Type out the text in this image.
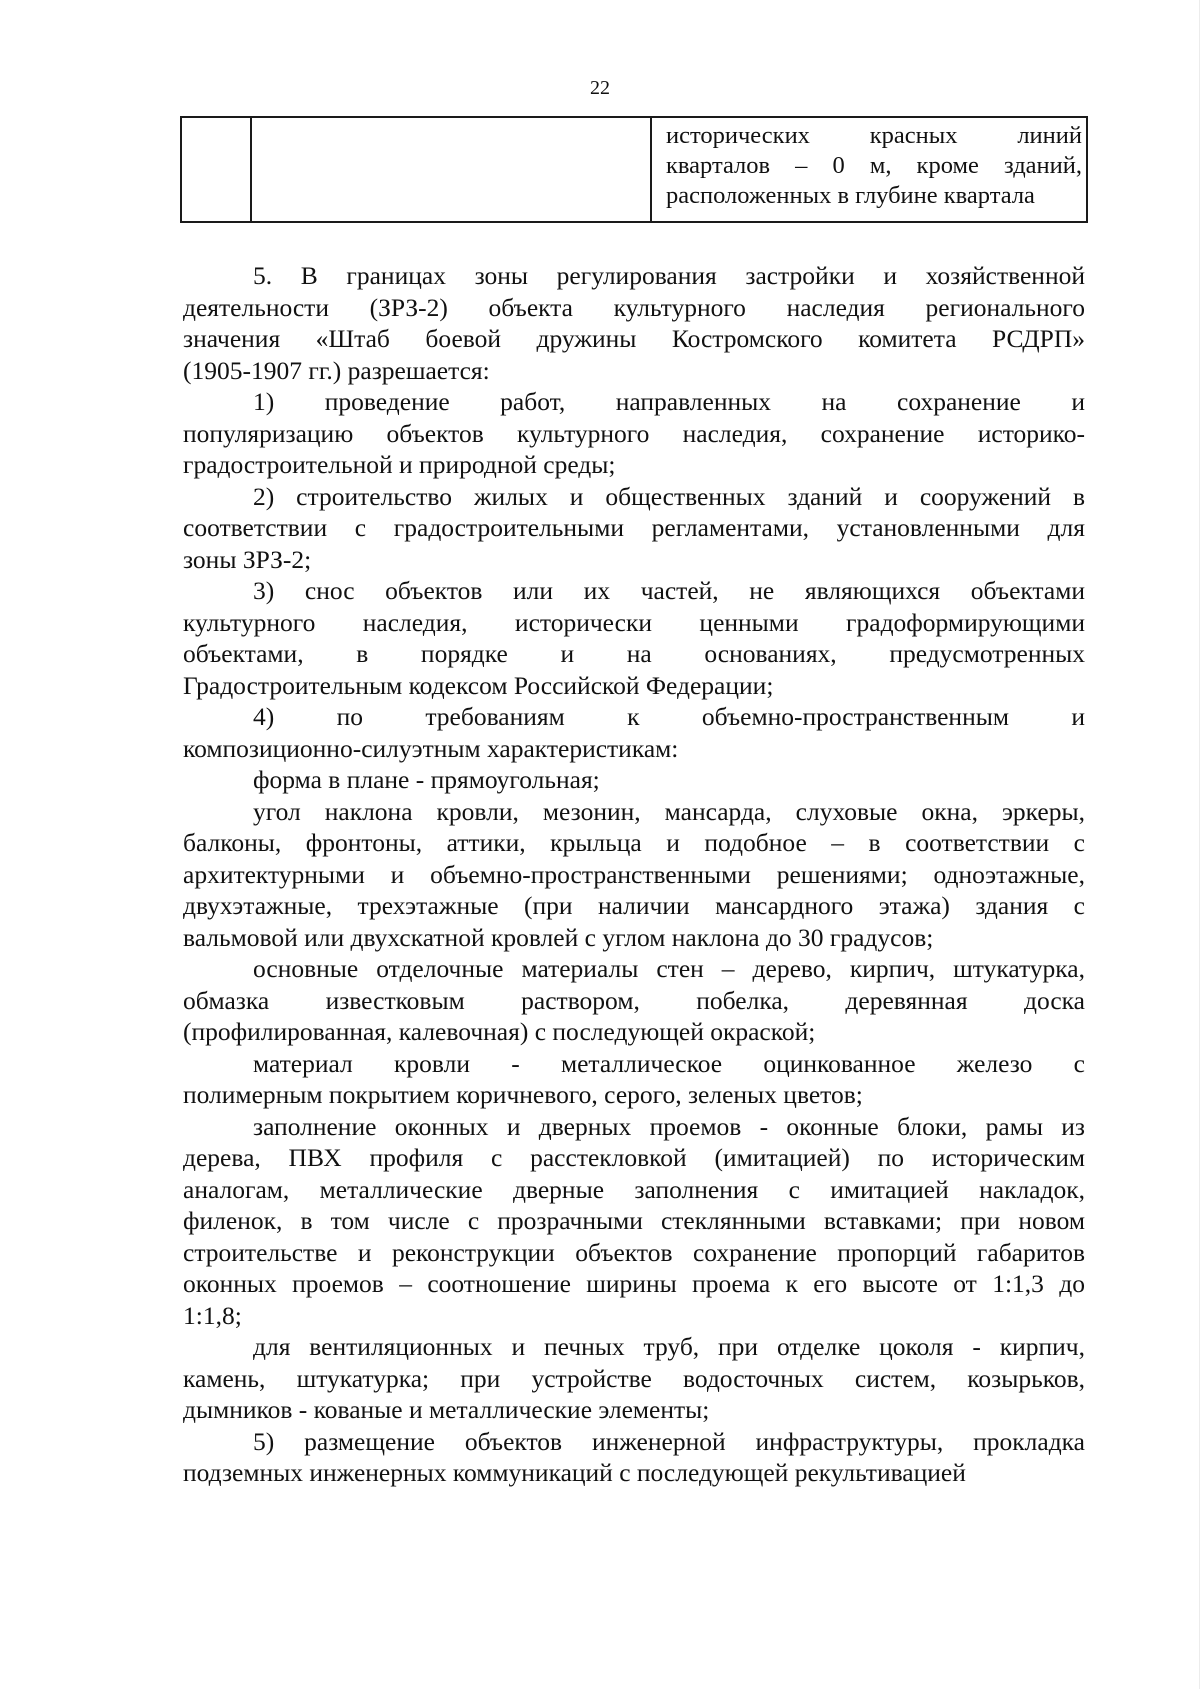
22

исторических красных линий
кварталов – 0 м, кроме зданий,
расположенных в глубине квартала
5. В границах зоны регулирования застройки и хозяйственной
деятельности (ЗРЗ-2) объекта культурного наследия регионального
значения «Штаб боевой дружины Костромского комитета РСДРП»
(1905-1907 гг.) разрешается:
1) проведение работ, направленных на сохранение и
популяризацию объектов культурного наследия, сохранение историко-
градостроительной и природной среды;
2) строительство жилых и общественных зданий и сооружений в
соответствии с градостроительными регламентами, установленными для
зоны ЗРЗ-2;
3) снос объектов или их частей, не являющихся объектами
культурного наследия, исторически ценными градоформирующими
объектами, в порядке и на основаниях, предусмотренных
Градостроительным кодексом Российской Федерации;
4) по требованиям к объемно-пространственным и
композиционно-силуэтным характеристикам:
форма в плане - прямоугольная;
угол наклона кровли, мезонин, мансарда, слуховые окна, эркеры,
балконы, фронтоны, аттики, крыльца и подобное – в соответствии с
архитектурными и объемно-пространственными решениями; одноэтажные,
двухэтажные, трехэтажные (при наличии мансардного этажа) здания с
вальмовой или двухскатной кровлей с углом наклона до 30 градусов;
основные отделочные материалы стен – дерево, кирпич, штукатурка,
обмазка известковым раствором, побелка, деревянная доска
(профилированная, калевочная) с последующей окраской;
материал кровли - металлическое оцинкованное железо с
полимерным покрытием коричневого, серого, зеленых цветов;
заполнение оконных и дверных проемов - оконные блоки, рамы из
дерева, ПВХ профиля с расстекловкой (имитацией) по историческим
аналогам, металлические дверные заполнения с имитацией накладок,
филенок, в том числе с прозрачными стеклянными вставками; при новом
строительстве и реконструкции объектов сохранение пропорций габаритов
оконных проемов – соотношение ширины проема к его высоте от 1:1,3 до
1:1,8;
для вентиляционных и печных труб, при отделке цоколя - кирпич,
камень, штукатурка; при устройстве водосточных систем, козырьков,
дымников - кованые и металлические элементы;
5) размещение объектов инженерной инфраструктуры, прокладка
подземных инженерных коммуникаций с последующей рекультивацией
